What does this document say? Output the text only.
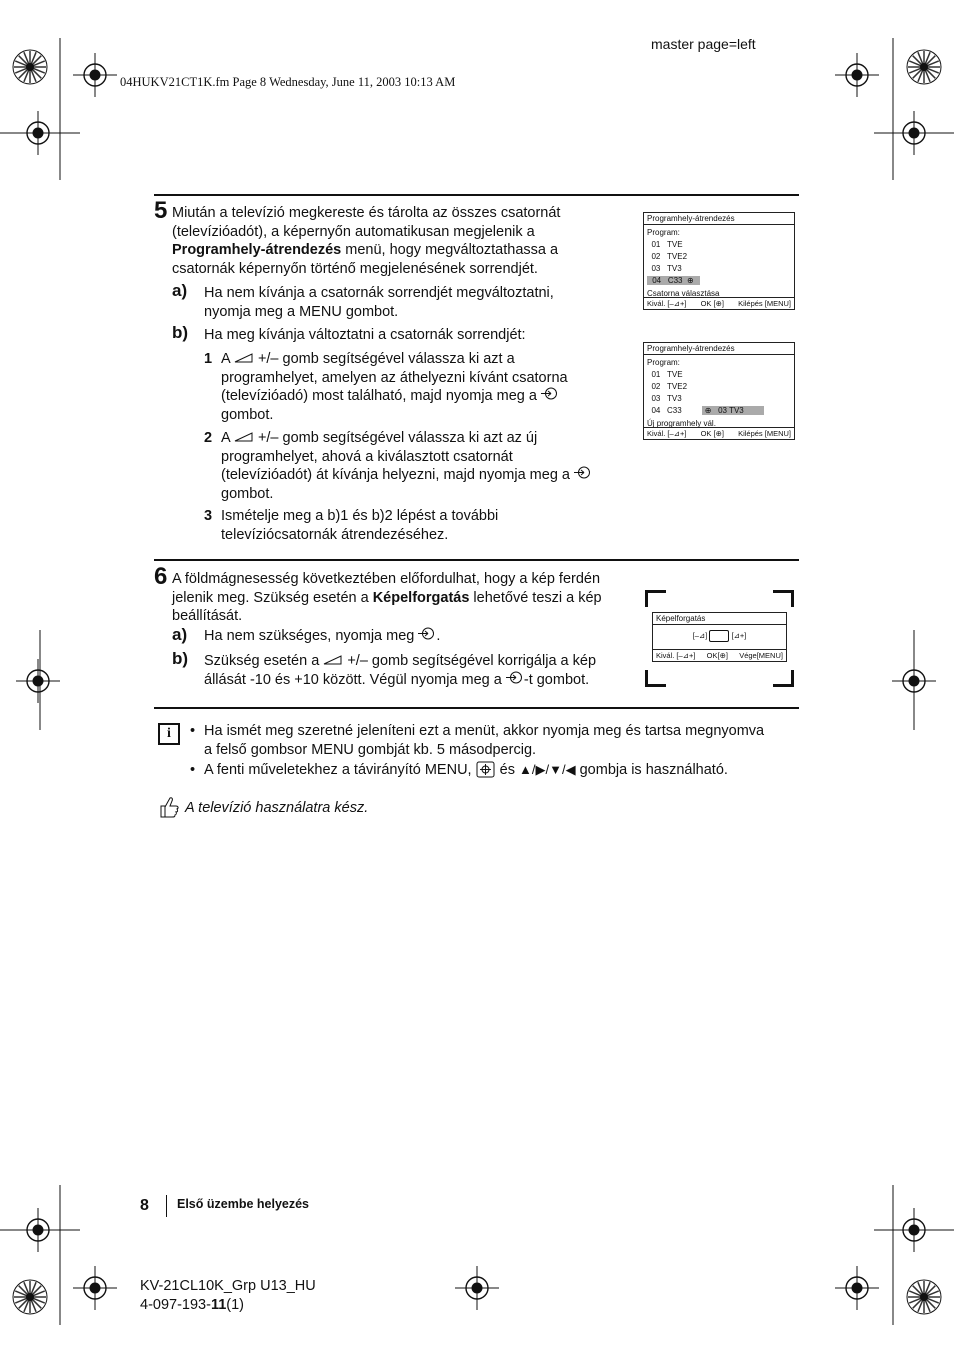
master page=left
04HUKV21CT1K.fm Page 8 Wednesday, June 11, 2003 10:13 AM
5 Miután a televízió megkereste és tárolta az összes csatornát
(televízióadót), a képernyőn automatikusan megjelenik a
Programhely-átrendezés menü, hogy megváltoztathassa a
csatornák képernyőn történő megjelenésének sorrendjét.
a) Ha nem kívánja a csatornák sorrendjét megváltoztatni,
nyomja meg a MENU gombot.
b) Ha meg kívánja változtatni a csatornák sorrendjét:
1 A +/– gomb segítségével válassza ki azt a
programhelyet, amelyen az áthelyezni kívánt csatorna
(televízióadó) most található, majd nyomja meg a
gombot.
2 A +/– gomb segítségével válassza ki azt az új
programhelyet, ahová a kiválasztott csatornát
(televízióadót) át kívánja helyezni, majd nyomja meg a
gombot.
3 Ismételje meg a b)1 és b)2 lépést a további
televíziócsatornák átrendezéséhez.
Programhely-átrendezés
Program:
01 TVE
02 TVE2
03 TV3
04 C33 ⊕
Csatorna választása
Kivál. [–⊿+] OK [⊕] Kilépés [MENU]
Programhely-átrendezés
Program:
01 TVE
02 TVE2
03 TV3
04 C33	⊕ 03 TV3
Új programhely vál.
Kivál. [–⊿+] OK [⊕] Kilépés [MENU]
6 A földmágnesesség következtében előfordulhat, hogy a kép ferdén
jelenik meg. Szükség esetén a Képelforgatás lehetővé teszi a kép
beállítását.
a) Ha nem szükséges, nyomja meg .
b) Szükség esetén a +/– gomb segítségével korrigálja a kép
állását -10 és +10 között. Végül nyomja meg a -t gombot.
Képelforgatás
[–⊿]	[⊿+]
Kivál. [–⊿+] OK[⊕] Vége[MENU]
i	• Ha ismét meg szeretné jeleníteni ezt a menüt, akkor nyomja meg és tartsa megnyomva
a felső gombsor MENU gombját kb. 5 másodpercig.
• A fenti műveletekhez a távirányító MENU, és ▲/▶/▼/◀ gombja is használható.
A televízió használatra kész.
8 Első üzembe helyezés
KV-21CL10K_Grp U13_HU
4-097-193-11(1)
